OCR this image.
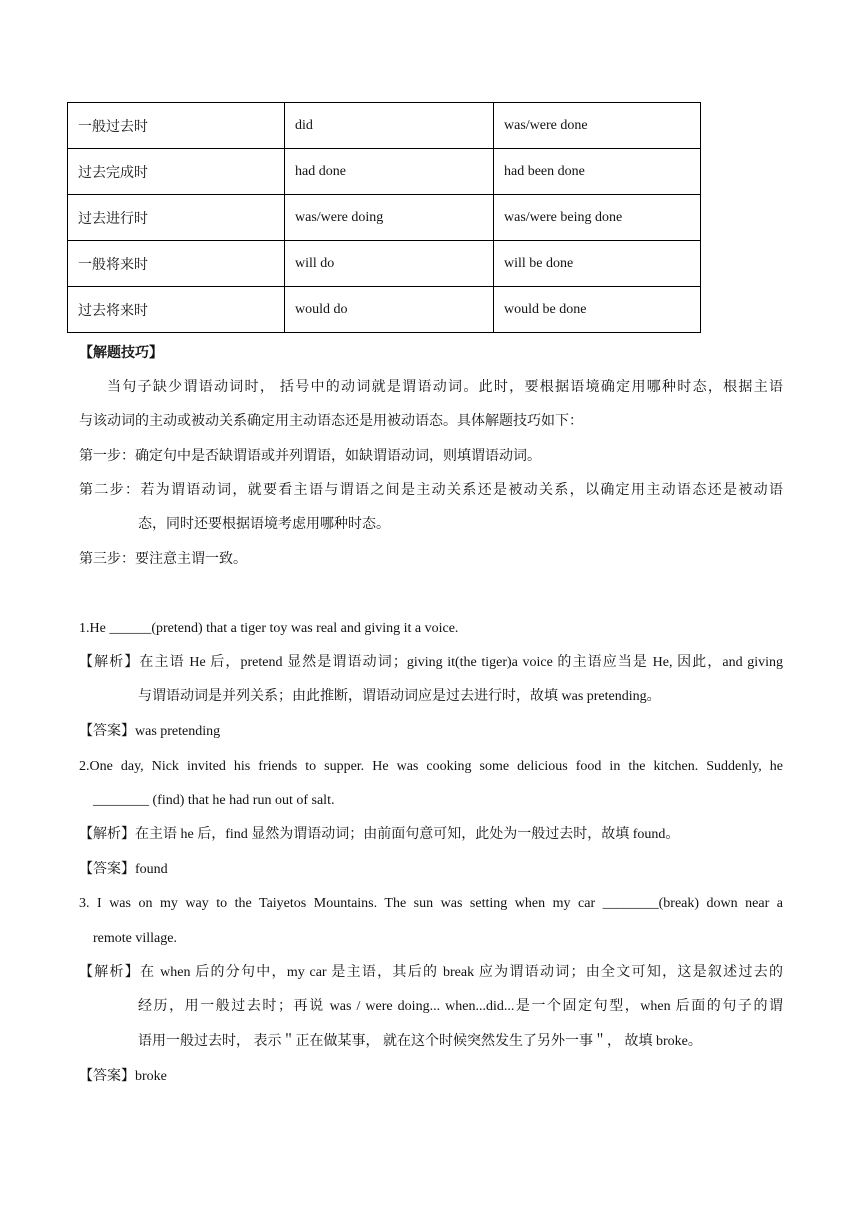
一般过去时	did	was/were done
过去完成时	had done	had been done
过去进行时	was/were doing	was/were being done
一般将来时	will do	will be done
过去将来时	would do	would be done
【解题技巧】
当句子缺少谓语动词时， 括号中的动词就是谓语动词。此时，要根据语境确定用哪种时态，根据主语
与该动词的主动或被动关系确定用主动语态还是用被动语态。具体解题技巧如下：
第一步：确定句中是否缺谓语或并列谓语，如缺谓语动词，则填谓语动词。
第二步：若为谓语动词，就要看主语与谓语之间是主动关系还是被动关系，以确定用主动语态还是被动语
态，同时还要根据语境考虑用哪种时态。
第三步：要注意主谓一致。
1.He ______(pretend) that a tiger toy was real and giving it a voice.
【解析】在主语 He 后，pretend 显然是谓语动词；giving it(the tiger)a voice 的主语应当是 He, 因此，and giving
与谓语动词是并列关系；由此推断，谓语动词应是过去进行时，故填 was pretending。
【答案】was pretending
2.One day, Nick invited his friends to supper. He was cooking some delicious food in the kitchen. Suddenly, he
________ (find) that he had run out of salt.
【解析】在主语 he 后，find 显然为谓语动词；由前面句意可知，此处为一般过去时，故填 found。
【答案】found
3. I was on my way to the Taiyetos Mountains. The sun was setting when my car ________(break) down near a
remote village.
【解析】在 when 后的分句中，my car 是主语，其后的 break 应为谓语动词；由全文可知，这是叙述过去的
经历，用一般过去时；再说 was / were doing... when...did...是一个固定句型，when 后面的句子的谓
语用一般过去时， 表示＂正在做某事， 就在这个时候突然发生了另外一事＂， 故填 broke。
【答案】broke
